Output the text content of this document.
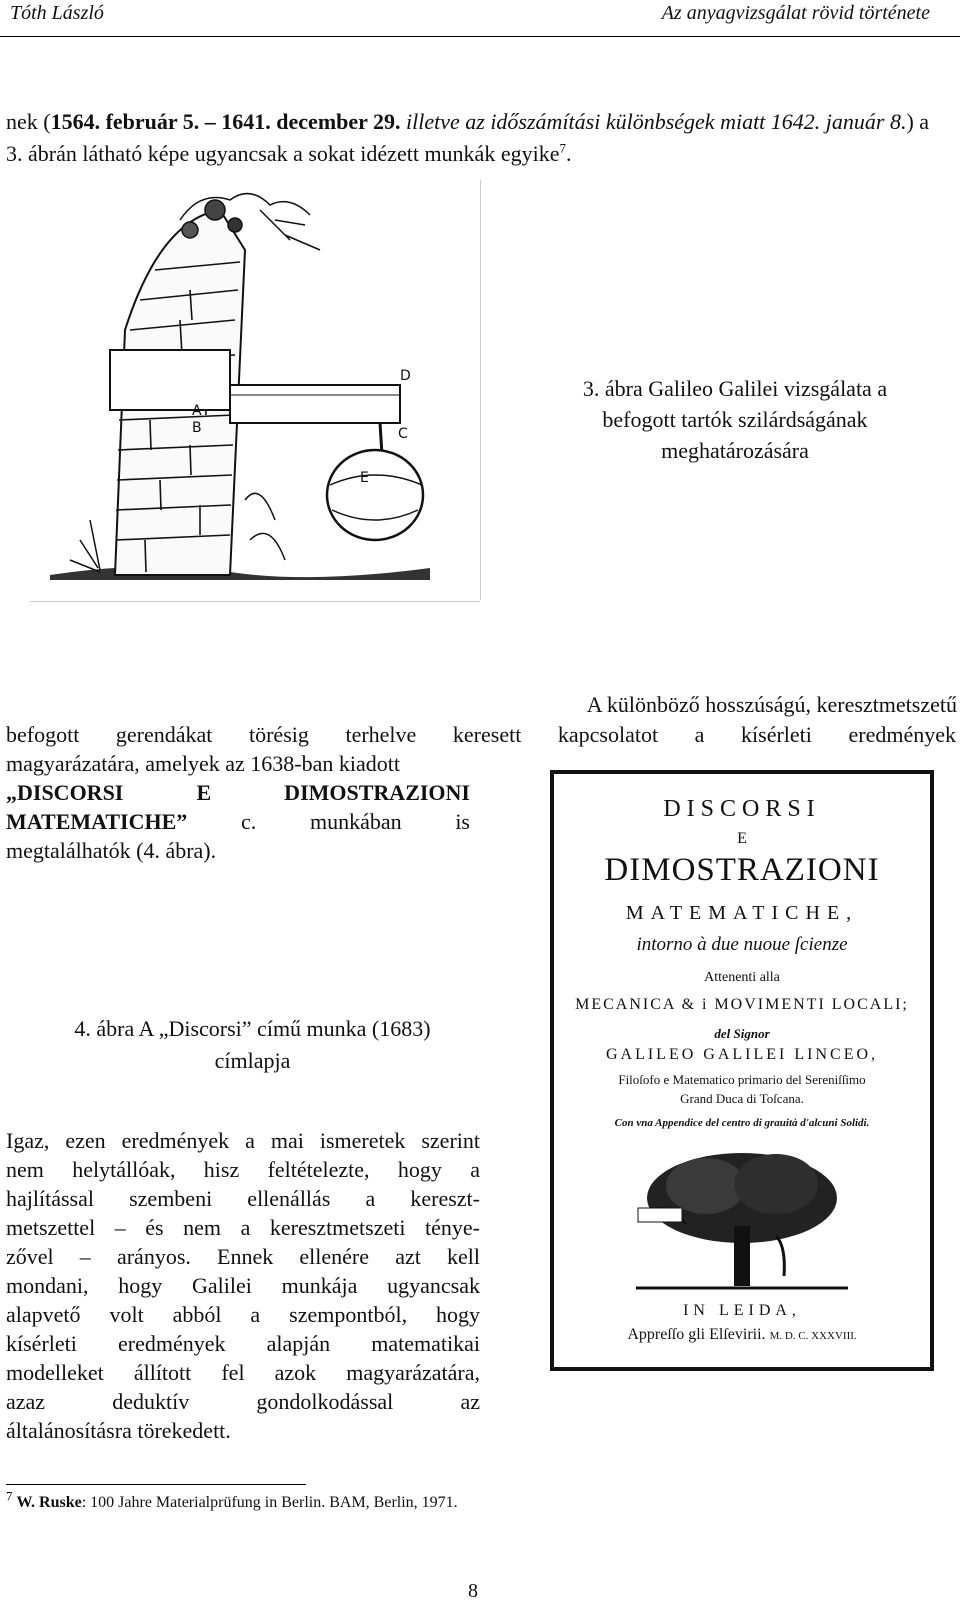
Tóth László	Az anyagvizsgálat rövid története
nek (1564. február 5. – 1641. december 29. illetve az időszámítási különbségek miatt 1642. január 8.) a 3. ábrán látható képe ugyancsak a sokat idézett munkák egyike$^7$.
A
B
D
C
E
3. ábra Galileo Galilei vizsgálata a befogott tartók szilárdságának meghatározására
A különböző hosszúságú, keresztmetszetű
befogott gerendákat törésig terhelve keresett kapcsolatot a kísérleti eredmények
magyarázatára, amelyek az 1638-ban kiadott
„DISCORSI E DIMOSTRAZIONI
MATEMATICHE” c. munkában is
megtalálhatók (4. ábra).
4. ábra A „Discorsi” című munka (1683) címlapja
DISCORSI
E
DIMOSTRAZIONI
MATEMATICHE,
intorno à due nuoue ſcienze
Attenenti alla
MECANICA & i MOVIMENTI LOCALI;
del Signor
GALILEO GALILEI LINCEO,
Filoſofo e Matematico primario del Sereniſſimo
Grand Duca di Toſcana.
Con vna Appendice del centro di grauità d'alcuni Solidi.
IN LEIDA,
Appreſſo gli Elſevirii. M. D. C. XXXVIII.
Igaz, ezen eredmények a mai ismeretek szerint
nem helytállóak, hisz feltételezte, hogy a
hajlítással szembeni ellenállás a kereszt-
metszettel – és nem a keresztmetszeti ténye-
zővel – arányos. Ennek ellenére azt kell
mondani, hogy Galilei munkája ugyancsak
alapvető volt abból a szempontból, hogy
kísérleti eredmények alapján matematikai
modelleket állított fel azok magyarázatára,
azaz deduktív gondolkodással az
általánosításra törekedett.
$^7$ W. Ruske: 100 Jahre Materialprüfung in Berlin. BAM, Berlin, 1971.
8
